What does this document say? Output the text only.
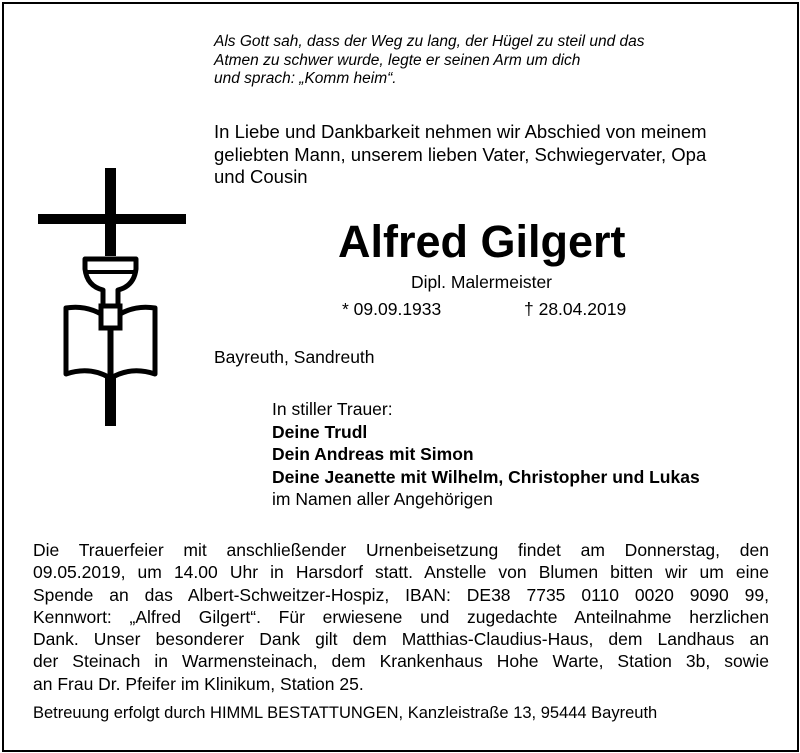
Als Gott sah, dass der Weg zu lang, der Hügel zu steil und das
Atmen zu schwer wurde, legte er seinen Arm um dich
und sprach: „Komm heim“.
In Liebe und Dankbarkeit nehmen wir Abschied von meinem
geliebten Mann, unserem lieben Vater, Schwiegervater, Opa
und Cousin
Alfred Gilgert
Dipl. Malermeister
* 09.09.1933	† 28.04.2019
Bayreuth, Sandreuth
In stiller Trauer:
Deine Trudl
Dein Andreas mit Simon
Deine Jeanette mit Wilhelm, Christopher und Lukas
im Namen aller Angehörigen
Die Trauerfeier mit anschließender Urnenbeisetzung findet am Donnerstag, den
09.05.2019, um 14.00 Uhr in Harsdorf statt. Anstelle von Blumen bitten wir um eine
Spende an das Albert-Schweitzer-Hospiz, IBAN: DE38 7735 0110 0020 9090 99,
Kennwort: „Alfred Gilgert“. Für erwiesene und zugedachte Anteilnahme herzlichen
Dank. Unser besonderer Dank gilt dem Matthias-Claudius-Haus, dem Landhaus an
der Steinach in Warmensteinach, dem Krankenhaus Hohe Warte, Station 3b, sowie
an Frau Dr. Pfeifer im Klinikum, Station 25.
Betreuung erfolgt durch HIMML BESTATTUNGEN, Kanzleistraße 13, 95444 Bayreuth
